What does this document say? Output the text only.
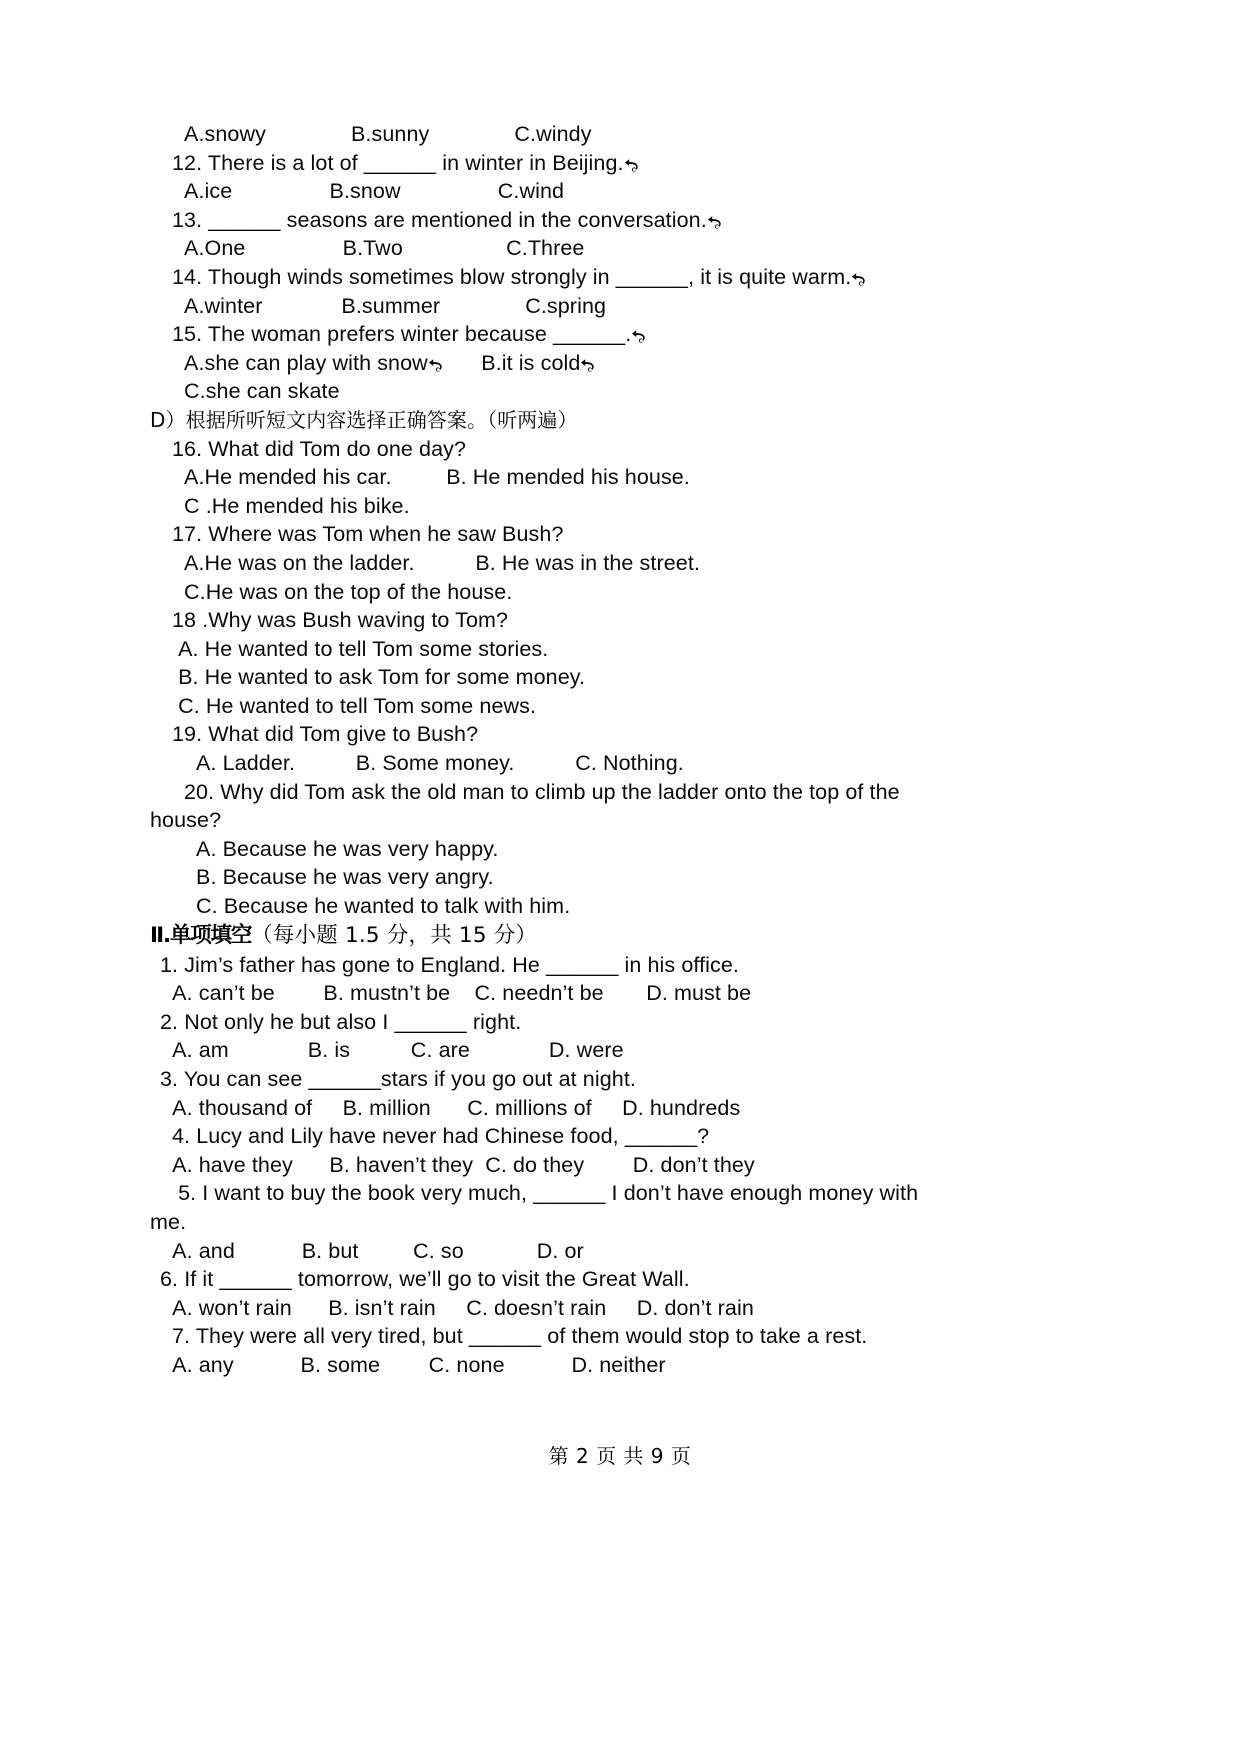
A.snowy              B.sunny              C.windy
12. There is a lot of ______ in winter in Beijing.
A.ice                B.snow                C.wind
13. ______ seasons are mentioned in the conversation.
A.One                B.Two                 C.Three
14. Though winds sometimes blow strongly in ______, it is quite warm.
A.winter             B.summer              C.spring
15. The woman prefers winter because ______.
A.she can play with snow
B.it is cold
C.she can skate
D）根据所听短文内容选择正确答案。（听两遍）
16. What did Tom do one day?
A.He mended his car.         B. He mended his house.
C .He mended his bike.
17. Where was Tom when he saw Bush?
A.He was on the ladder.          B. He was in the street.
C.He was on the top of the house.
18 .Why was Bush waving to Tom?
A. He wanted to tell Tom some stories.
B. He wanted to ask Tom for some money.
C. He wanted to tell Tom some news.
19. What did Tom give to Bush?
A. Ladder.          B. Some money.          C. Nothing.
20. Why did Tom ask the old man to climb up the ladder onto the top of the
house?
A. Because he was very happy.
B. Because he was very angry.
C. Because he wanted to talk with him.
Ⅱ.单项填空（每小题 1.5 分，共 15 分）
1. Jim’s father has gone to England. He ______ in his office.
A. can’t be        B. mustn’t be    C. needn’t be       D. must be
2. Not only he but also I ______ right.
A. am             B. is          C. are             D. were
3. You can see ______stars if you go out at night.
A. thousand of     B. million      C. millions of     D. hundreds
4. Lucy and Lily have never had Chinese food, ______?
A. have they      B. haven’t they  C. do they        D. don’t they
5. I want to buy the book very much, ______ I don’t have enough money with
me.
A. and           B. but         C. so            D. or
6. If it ______ tomorrow, we’ll go to visit the Great Wall.
A. won’t rain      B. isn’t rain     C. doesn’t rain     D. don’t rain
7. They were all very tired, but ______ of them would stop to take a rest.
A. any           B. some        C. none           D. neither
第 2 页 共 9 页
